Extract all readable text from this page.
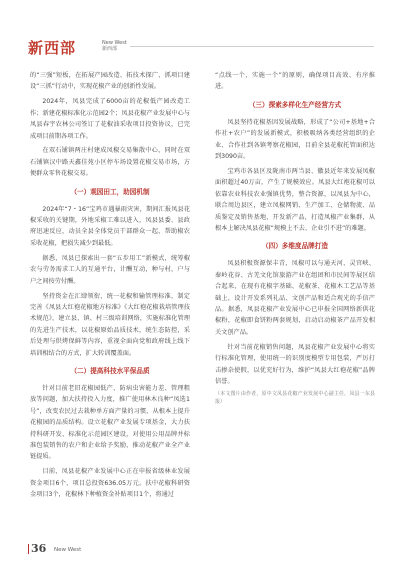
新西部	New West
新西部

的“三强”短板，在拓展产园改造、拓技术探广、抓项目建设“三抓”行动中，实现花椒产业的创新性发展。

2024年，凤县完成了6000亩的花椒低产园改造工作；新建花椒标准化示范园2个；凤县花椒产业发展中心与凤县春宇农林公司签订了花椒油采收项目投资协议，已完成项目前期各项工作。

在双石铺镇两庄村建成凤椒交易集散中心，同时在双石铺镇汉中路天鑫佳苑小区停车场设置花椒交易市场，方便群众零售花椒交易。

（一）观园田工，助园机制

2024年“7・16”宝鸡市遇暴雨灾害，期间汇报凤县花椒采收的关键期，外地采椒工难以进入，凤县县委、县政府迅速反应，动员全县全体党员干部群众一起，帮助椒农采收花椒，把损失减少到最低。

据悉，凤县已探索出一套“五步用工”新模式，统筹椒农与劳务需求工人的互通平台，计酬互动，种与村，户与户之间按劳付酬。

坚持资金在汇肆领衔，统一花椒和输管理标准，制定完善《凤县大红袍花椒地方标准》《大红袍花椒栽培管理技术规范》，建立县、镇、村三级培训网络，实施标准化管理的先进生产技术，以花椒原始品质技术，统生态防控，采后处理与烘烤保鲜等内容，重视全面向党和政府线上线下培训相结合的方式，扩大转训覆盖面。

（二）提高科技水平保品质

针对目前老旧花椒园低产、防病虫害能力差、管理粗放等问题，加大扶持投入力度，推广使用林木良种“凤选1号”，改变农民过去栽种单方面产量的习惯，从根本上提升花椒园的品质结构。设立花椒产业发展专项基金，大力扶持科研开发、标准化示范园区建设，对使用公用品牌并标准包装销售的农户和企业给予奖励，推动花椒产业全产业链提质。

目前，凤县花椒产业发展中心正在申报省级林业发展资金项目6个，项目总投资636.05万元。扶中花椒科研资金项目3个，花椒林下种植资金补贴项目1个，将通过

“点线一个，实施一个”的原则，确保项目高效、有序推进。

（三）探索多样化生产经营方式

凤县坚持花椒基因发展战略，形成了“公司+基地+合作社+农户”的发展新模式，积极吸纳各类经营组织的企业、合作社到各镇考察花椒园，目前全县花椒托管面积达到3090亩。

宝鸡市各县区及陇南市两当县、徽县近年来发展凤椒面积超过40万亩，产生了规模效应。凤县大红袍花椒可以依靠农业科技农业强镇优势，整合资源，以凤县为中心，联合周边县区，建立凤椒网销、生产加工、仓储物流、品质鉴定及销售基地，开发新产品，打造凤椒产业集群，从根本上解决凤县花椒“规模上不去、企业引不进”的难题。

（四）多维度品牌打造

凤县积极资源保丰青，凤椒可以与通天河、灵官峡、秦岭花谷、古羌文化馆旅游产业在组团和市民间等展区结合起来，在现有花椒字基础、花椒茶、花椒木工艺品等基础上，设计开发系列礼品、文创产品和适合观光的手信产品。据悉，凤县花椒产业发展中心已申报全国网络新供花椒粉，花椒即食饼粉两套规划，启动启动椒茶产品开发相关文创产品。

针对当前花椒销售问题，凤县花椒产业发展中心将实行标准化管理，使用统一的识别度模型专用包装，严厉打击掺杂使假，以优充好行为，维护“凤县大红袍花椒”品牌信誉。

（本文图片由作者，原中文凤县花椒产业发展中心副主任，凤县一东县报）

36 New West
